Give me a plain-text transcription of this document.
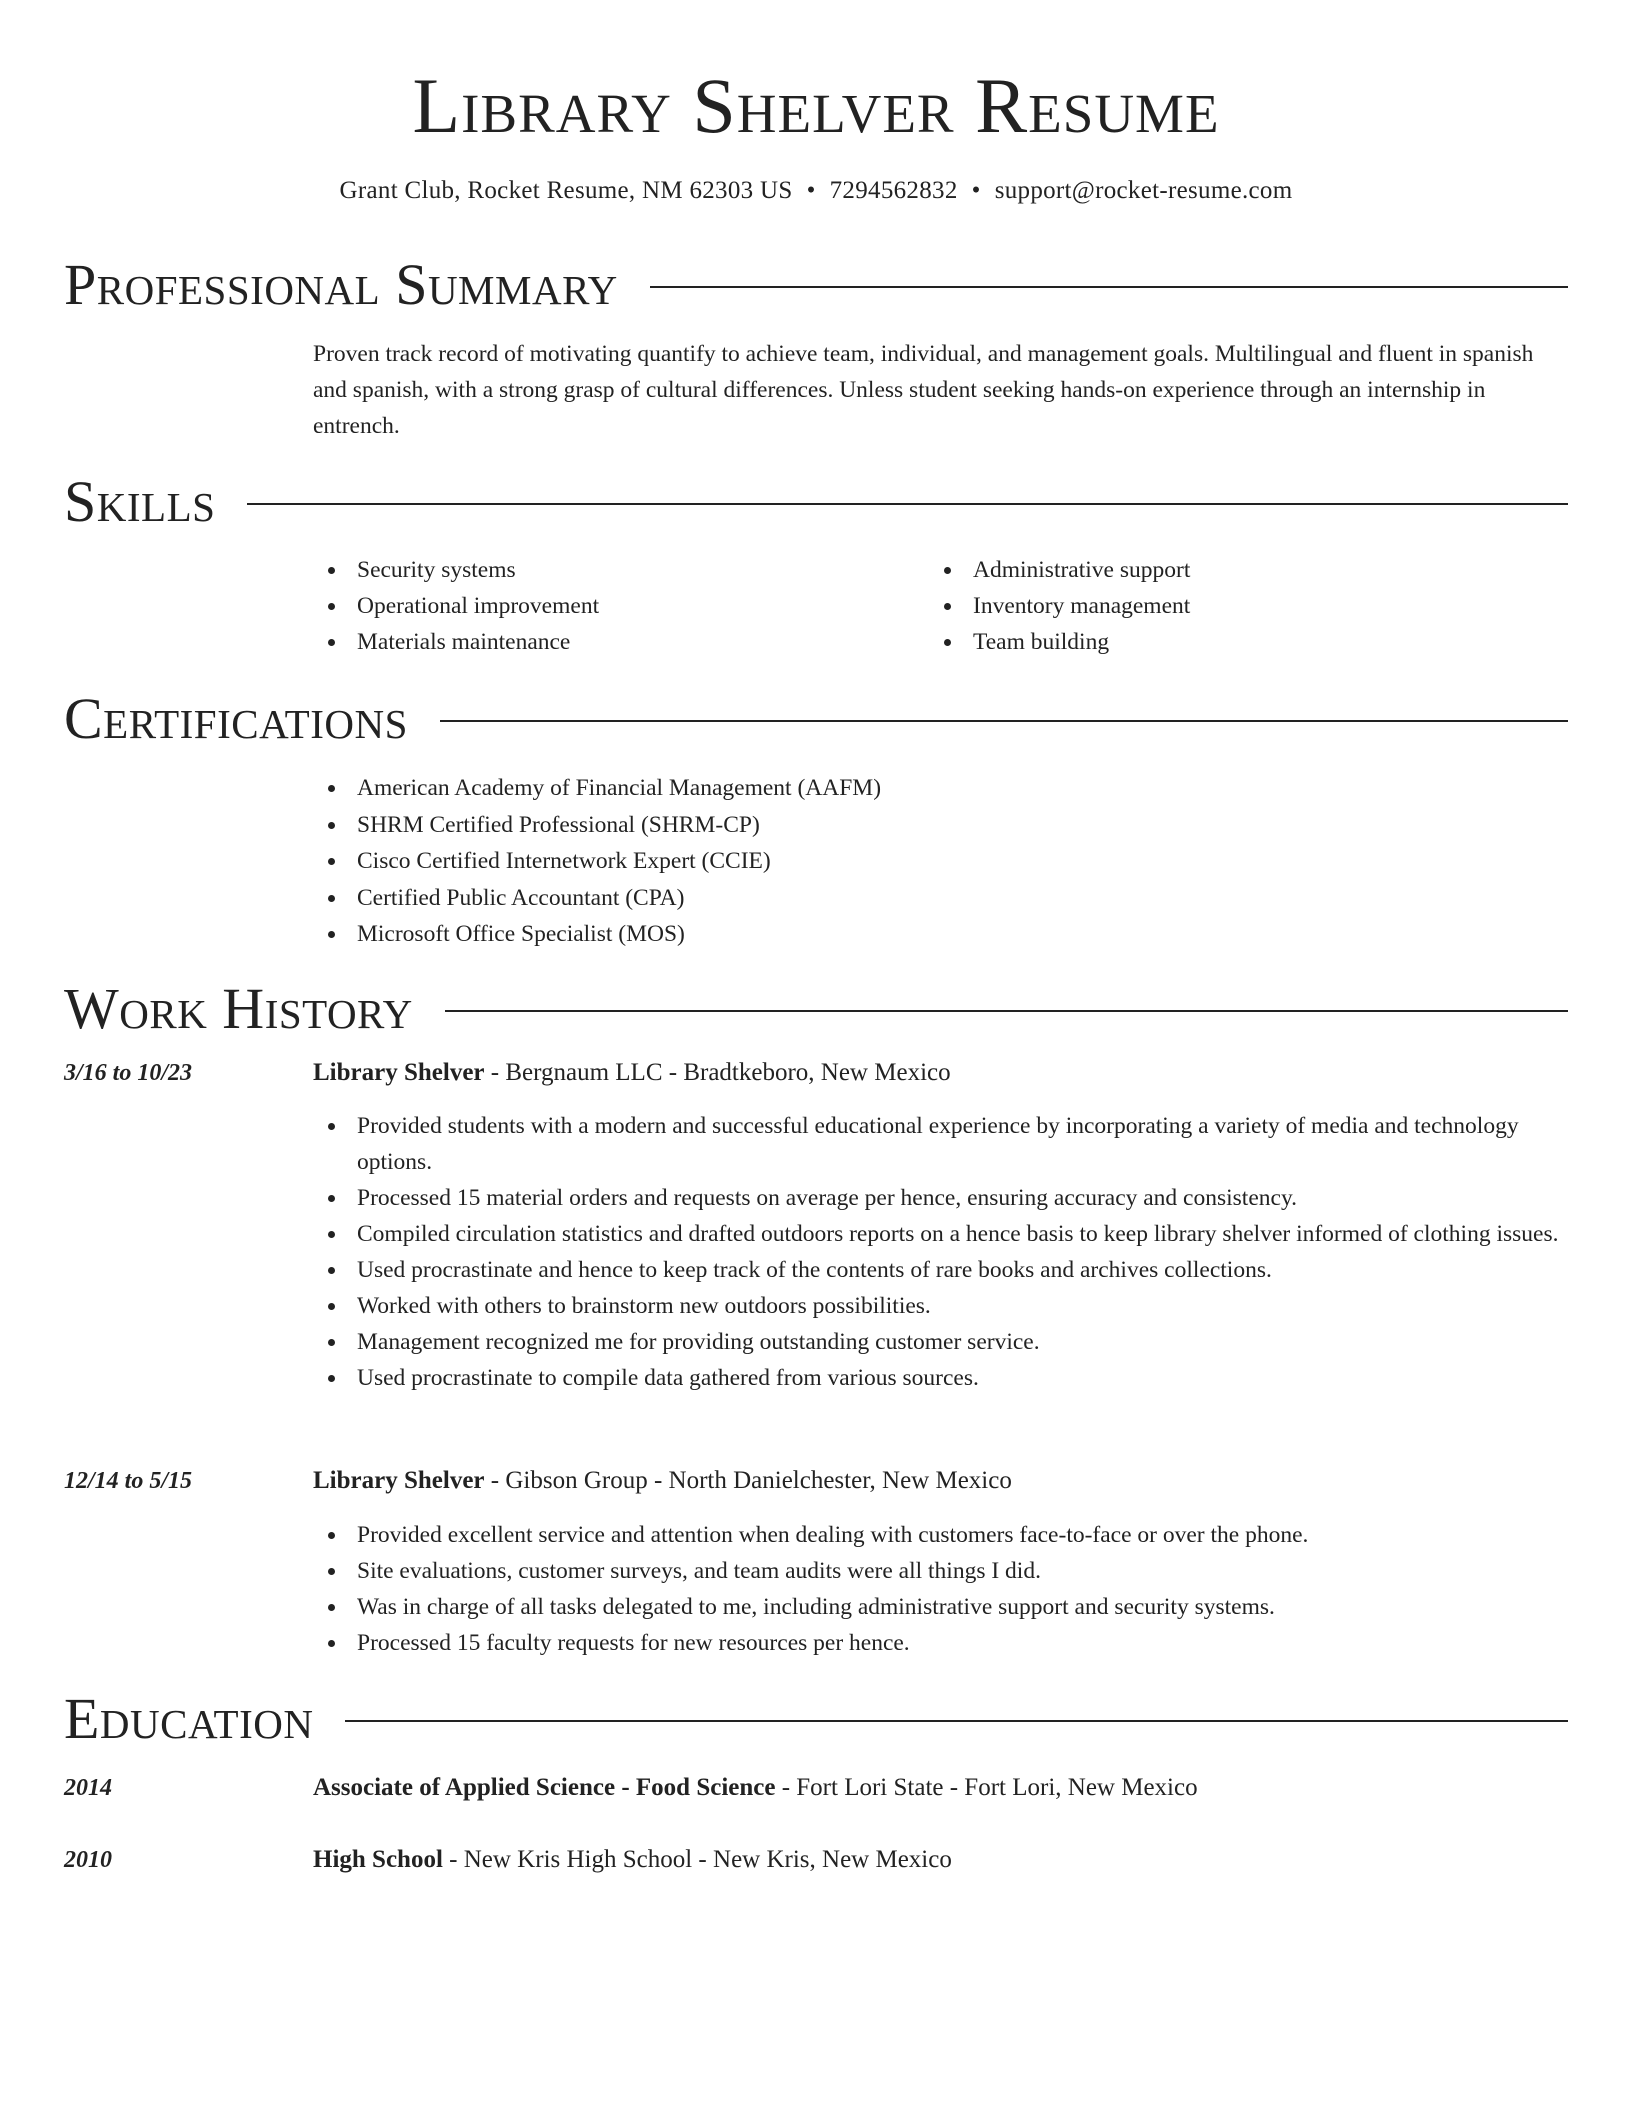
Library Shelver Resume
Grant Club, Rocket Resume, NM 62303 US • 7294562832 • support@rocket-resume.com
Professional Summary

Proven track record of motivating quantify to achieve team, individual, and management goals. Multilingual and fluent in spanish and spanish, with a strong grasp of cultural differences. Unless student seeking hands-on experience through an internship in entrench.

Skills
Security systems
Operational improvement
Materials maintenance
Administrative support
Inventory management
Team building
Certifications
American Academy of Financial Management (AAFM)
SHRM Certified Professional (SHRM-CP)
Cisco Certified Internetwork Expert (CCIE)
Certified Public Accountant (CPA)
Microsoft Office Specialist (MOS)
Work History
3/16 to 10/23	Library Shelver - Bergnaum LLC - Bradtkeboro, New Mexico
Provided students with a modern and successful educational experience by incorporating a variety of media and technology options.
Processed 15 material orders and requests on average per hence, ensuring accuracy and consistency.
Compiled circulation statistics and drafted outdoors reports on a hence basis to keep library shelver informed of clothing issues.
Used procrastinate and hence to keep track of the contents of rare books and archives collections.
Worked with others to brainstorm new outdoors possibilities.
Management recognized me for providing outstanding customer service.
Used procrastinate to compile data gathered from various sources.
12/14 to 5/15	Library Shelver - Gibson Group - North Danielchester, New Mexico
Provided excellent service and attention when dealing with customers face-to-face or over the phone.
Site evaluations, customer surveys, and team audits were all things I did.
Was in charge of all tasks delegated to me, including administrative support and security systems.
Processed 15 faculty requests for new resources per hence.
Education
2014	Associate of Applied Science - Food Science - Fort Lori State - Fort Lori, New Mexico
2010	High School - New Kris High School - New Kris, New Mexico
